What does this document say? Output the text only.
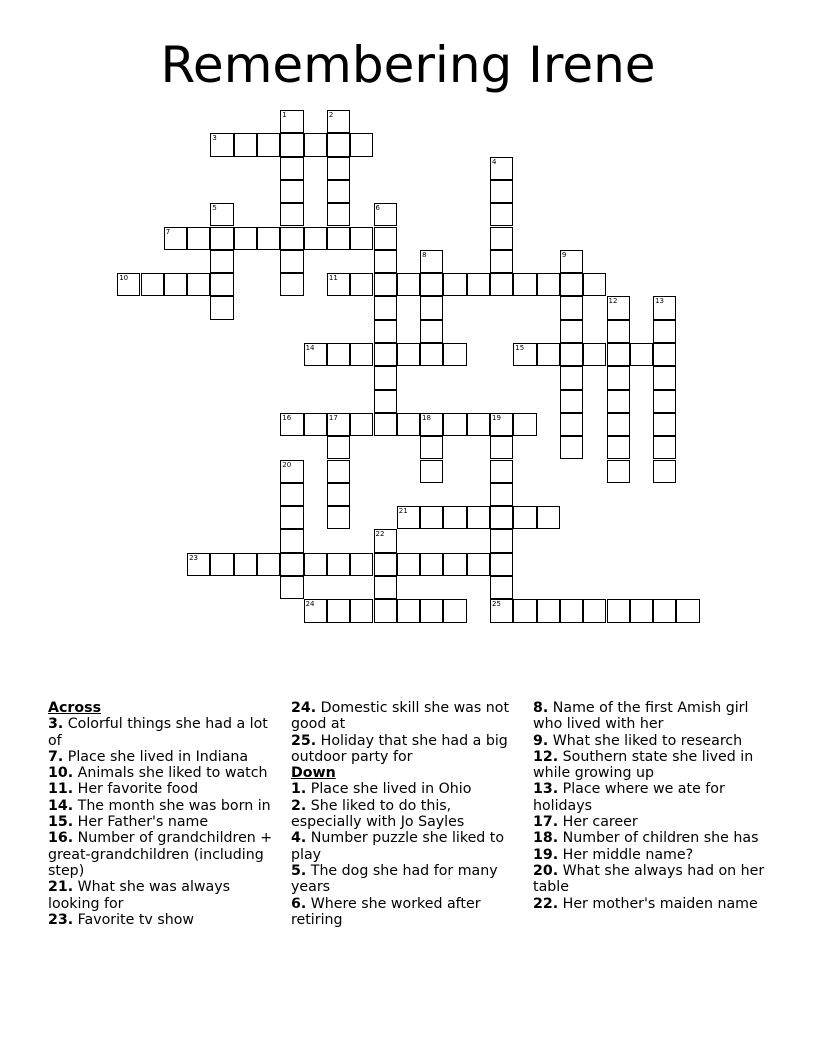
Remembering Irene
1	2
3
4
5	6
7
8	9
10	11
12	13
14	15
16	17	18	19
20
21
22
23
24	25
Across
3. Colorful things she had a lot of
7. Place she lived in Indiana
10. Animals she liked to watch
11. Her favorite food
14. The month she was born in
15. Her Father's name
16. Number of grandchildren + great-grandchildren (including step)
21. What she was always looking for
23. Favorite tv show
24. Domestic skill she was not good at
25. Holiday that she had a big outdoor party for
Down
1. Place she lived in Ohio
2. She liked to do this, especially with Jo Sayles
4. Number puzzle she liked to play
5. The dog she had for many years
6. Where she worked after retiring
8. Name of the first Amish girl who lived with her
9. What she liked to research
12. Southern state she lived in while growing up
13. Place where we ate for holidays
17. Her career
18. Number of children she has
19. Her middle name?
20. What she always had on her table
22. Her mother's maiden name
